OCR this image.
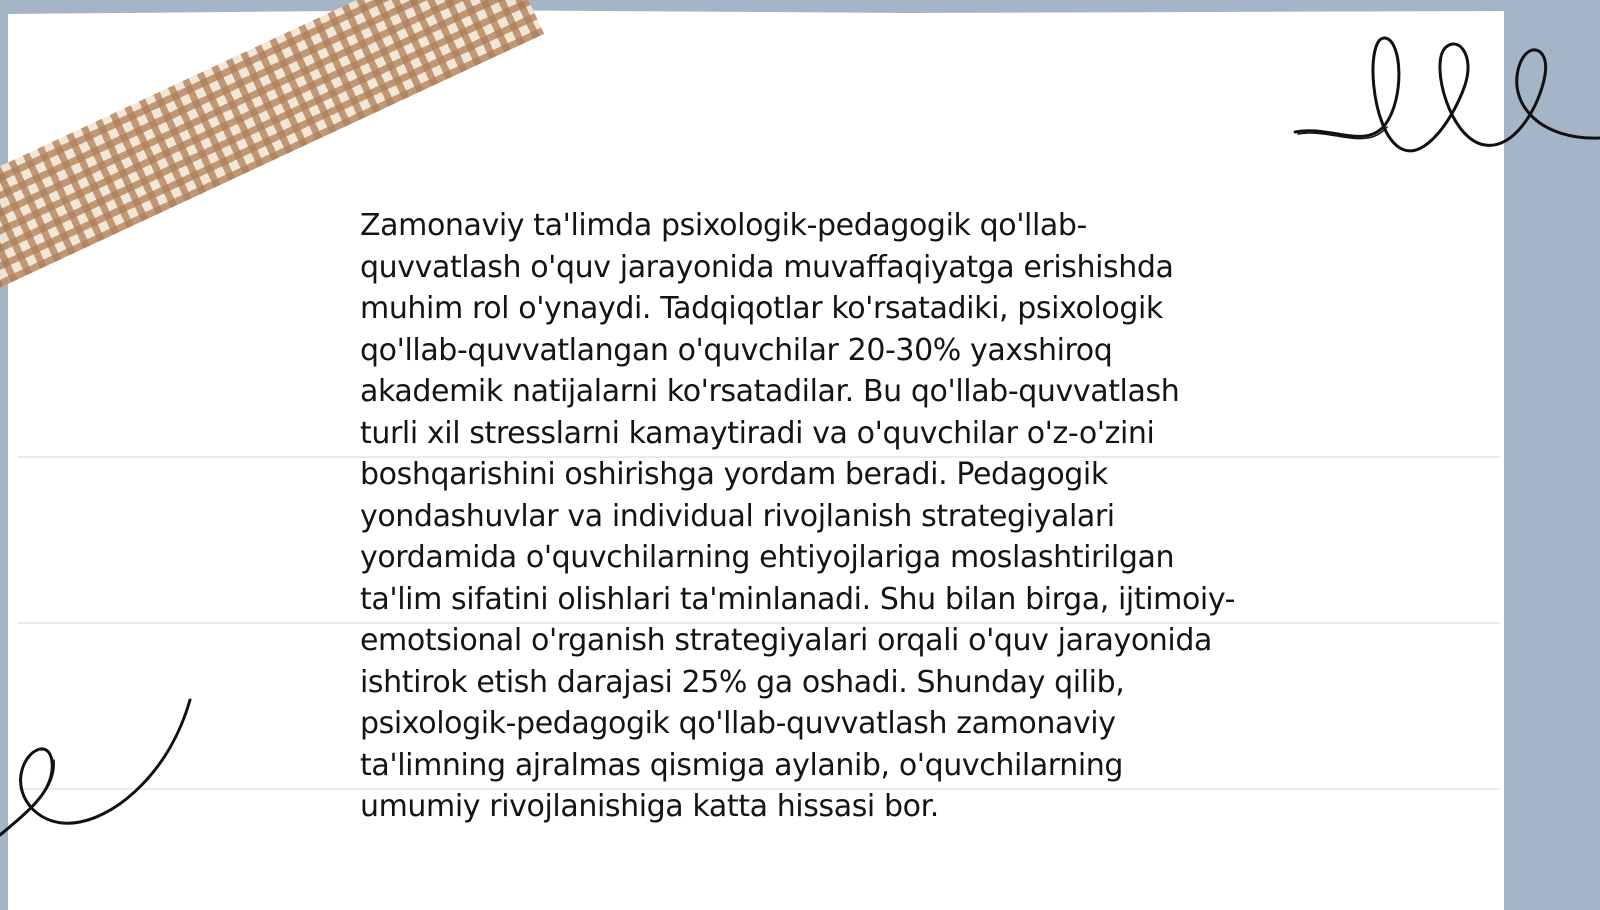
Zamonaviy ta'limda psixologik-pedagogik qo'llab-quvvatlash o'quv jarayonida muvaffaqiyatga erishishda muhim rol o'ynaydi. Tadqiqotlar ko'rsatadiki, psixologik qo'llab-quvvatlangan o'quvchilar 20-30% yaxshiroq akademik natijalarni ko'rsatadilar. Bu qo'llab-quvvatlash turli xil stresslarni kamaytiradi va o'quvchilar o'z-o'zini boshqarishini oshirishga yordam beradi. Pedagogik yondashuvlar va individual rivojlanish strategiyalari yordamida o'quvchilarning ehtiyojlariga moslashtirilgan ta'lim sifatini olishlari ta'minlanadi. Shu bilan birga, ijtimoiy-emotsional o'rganish strategiyalari orqali o'quv jarayonida ishtirok etish darajasi 25% ga oshadi. Shunday qilib, psixologik-pedagogik qo'llab-quvvatlash zamonaviy ta'limning ajralmas qismiga aylanib, o'quvchilarning umumiy rivojlanishiga katta hissasi bor.
